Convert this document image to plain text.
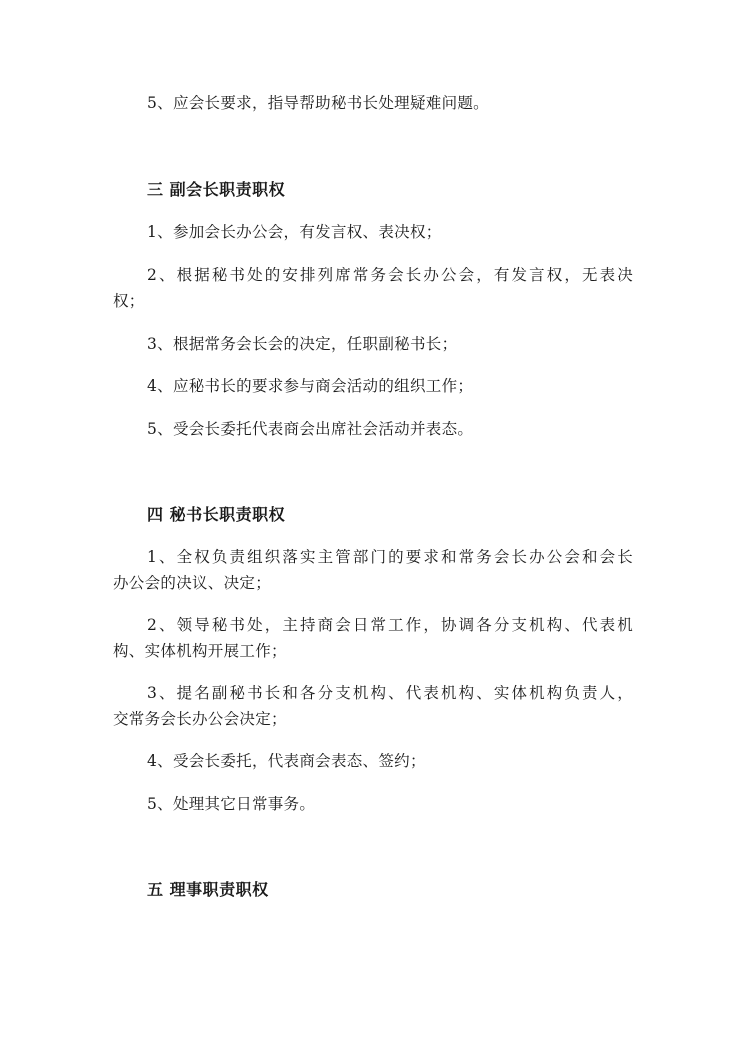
5、应会长要求，指导帮助秘书长处理疑难问题。
三 副会长职责职权
1、参加会长办公会，有发言权、表决权；
2、根据秘书处的安排列席常务会长办公会，有发言权，无表决
权；
3、根据常务会长会的决定，任职副秘书长；
4、应秘书长的要求参与商会活动的组织工作；
5、受会长委托代表商会出席社会活动并表态。
四 秘书长职责职权
1、全权负责组织落实主管部门的要求和常务会长办公会和会长
办公会的决议、决定；
2、领导秘书处，主持商会日常工作，协调各分支机构、代表机
构、实体机构开展工作；
3、提名副秘书长和各分支机构、代表机构、实体机构负责人，
交常务会长办公会决定；
4、受会长委托，代表商会表态、签约；
5、处理其它日常事务。
五 理事职责职权
